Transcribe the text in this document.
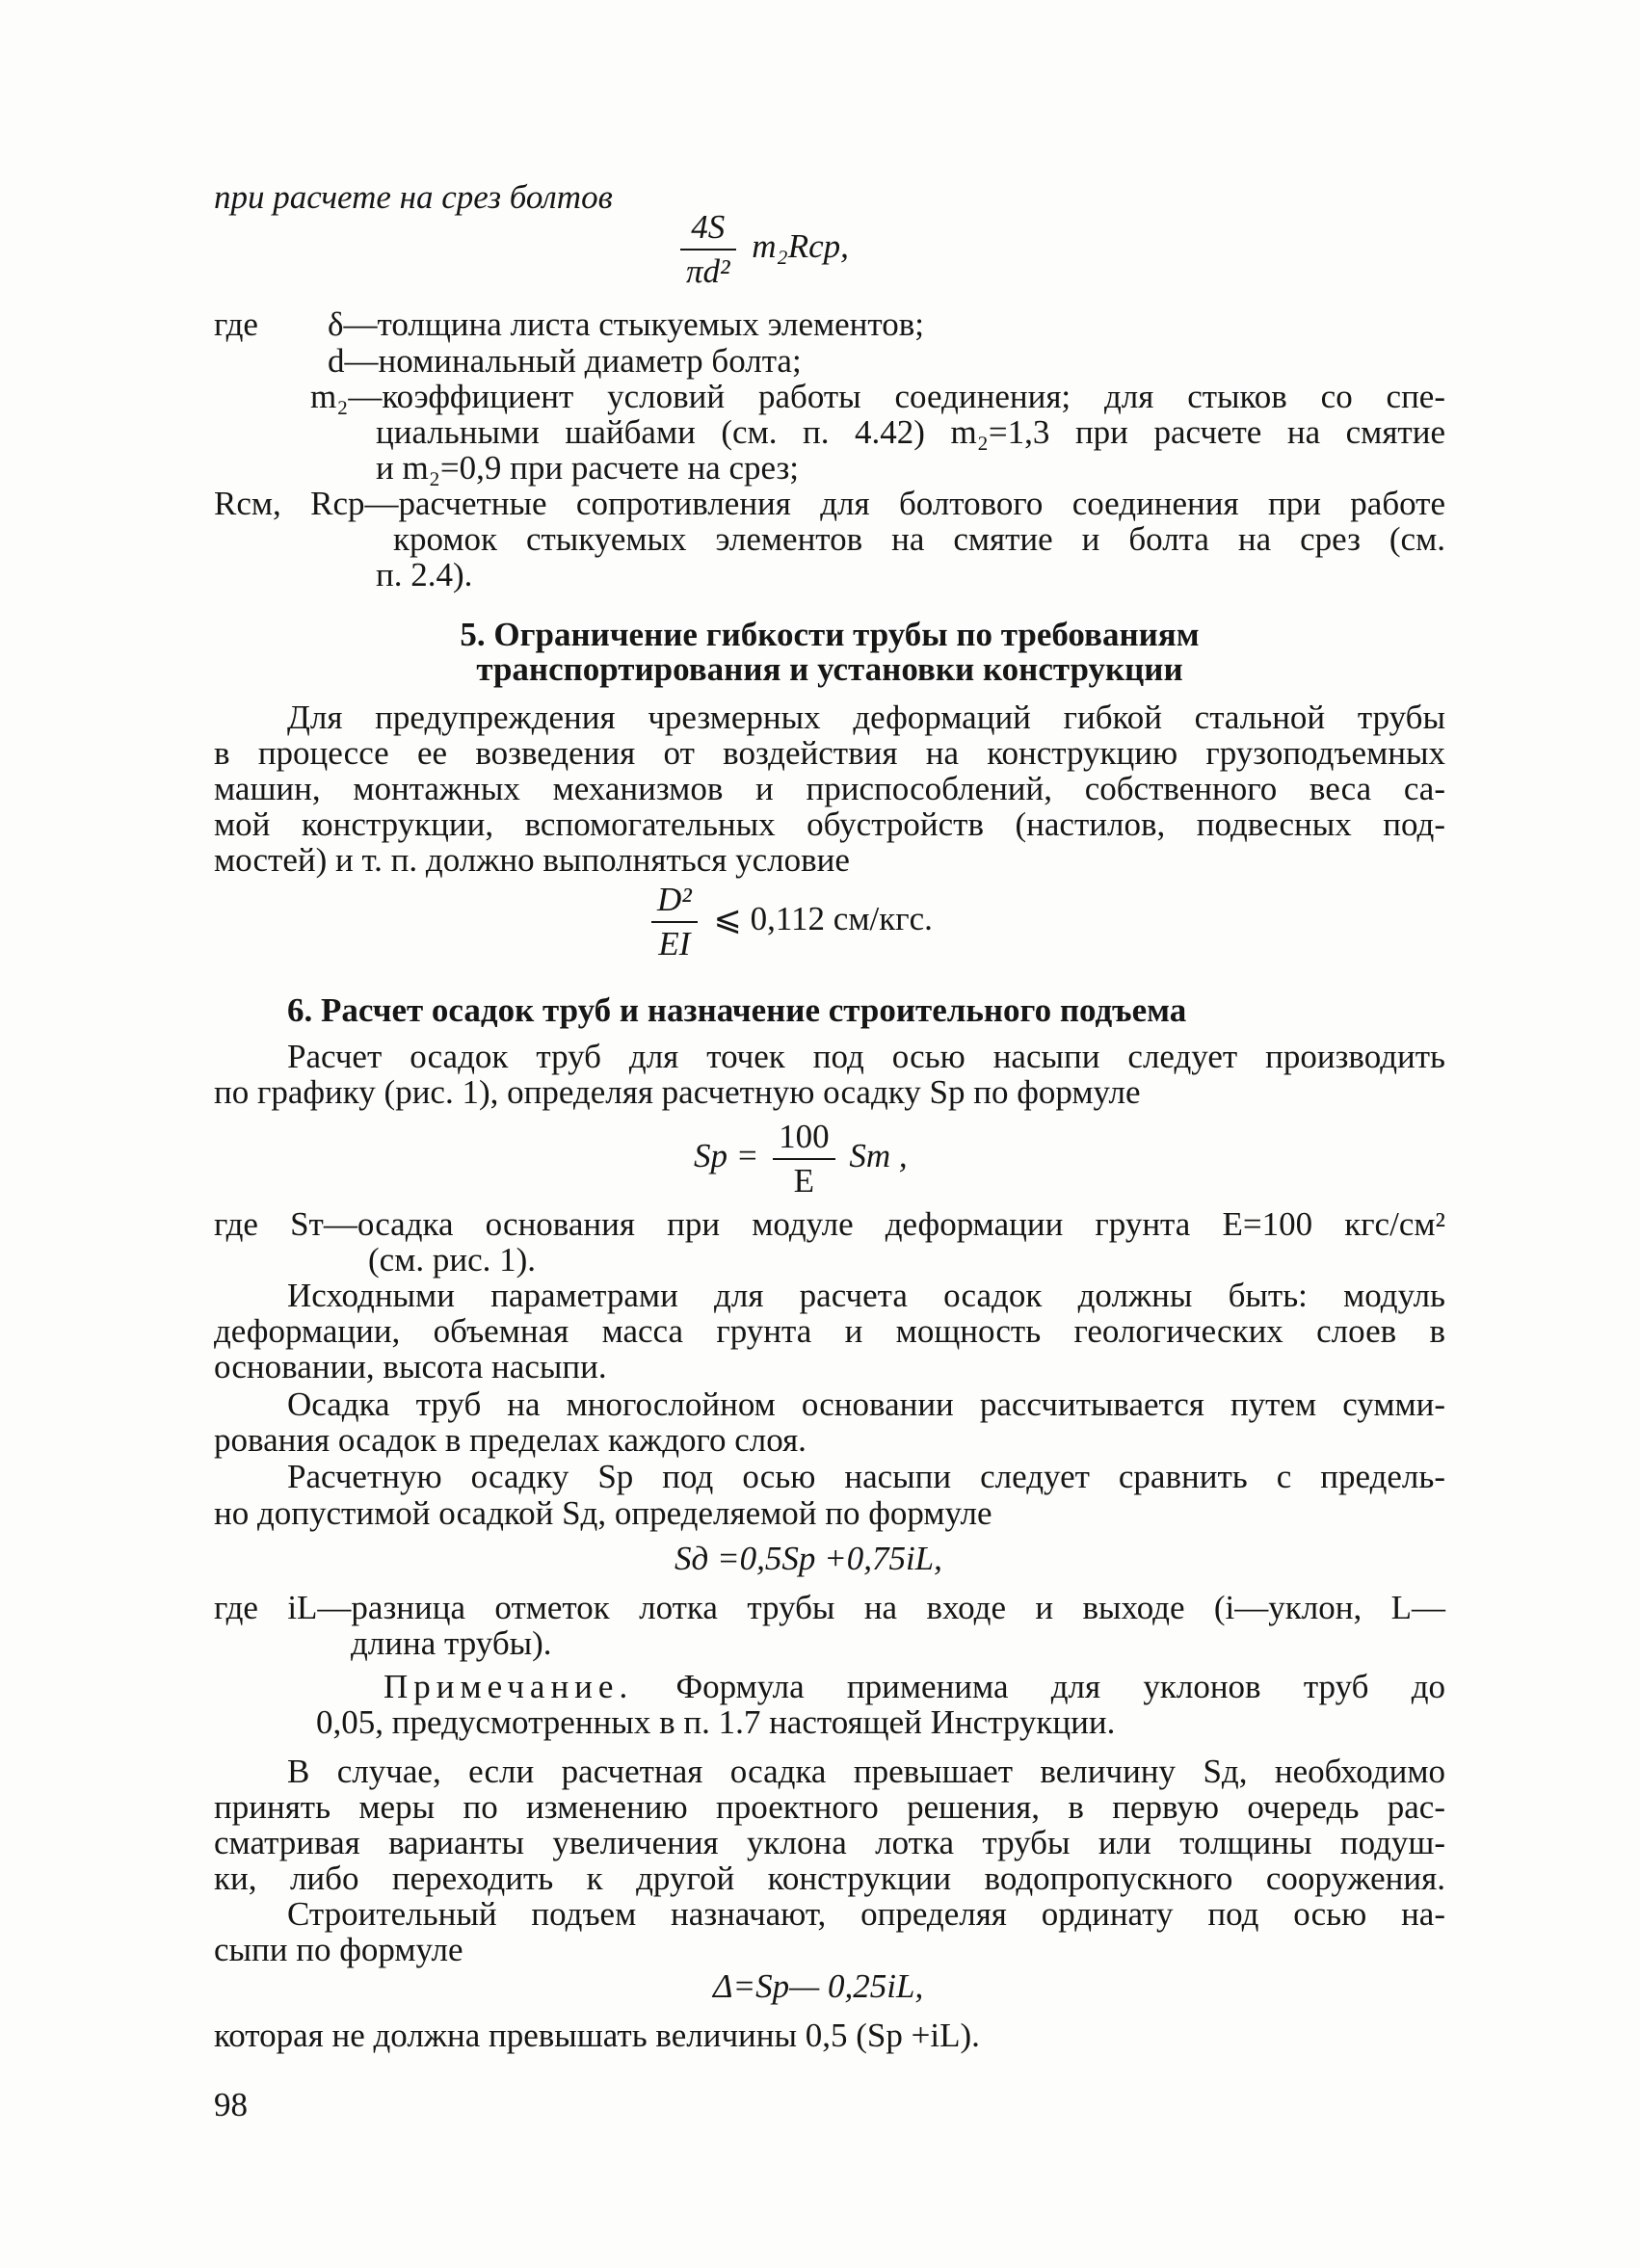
при расчете на срез болтов
$\frac{4S}{\text{πd²}} m_2Rср$,
где δ—толщина листа стыкуемых элементов;
d—номинальный диаметр болта;
m₂—коэффициент условий работы соединения; для стыков со спе-
циальными шайбами (см. п. 4.42) m₂=1,3 при расчете на смятие
и m₂=0,9 при расчете на срез;
Rсм, Rср—расчетные сопротивления для болтового соединения при работе
кромок стыкуемых элементов на смятие и болта на срез (см.
п. 2.4).
5. Ограничение гибкости трубы по требованиям
транспортирования и установки конструкции
Для предупреждения чрезмерных деформаций гибкой стальной трубы
в процессе ее возведения от воздействия на конструкцию грузоподъемных
машин, монтажных механизмов и приспособлений, собственного веса са-
мой конструкции, вспомогательных обустройств (настилов, подвесных под-
мостей) и т. п. должно выполняться условие
$\frac{\text{D²}}{EI}$ ⩽ 0,112 см/кгс.
6. Расчет осадок труб и назначение строительного подъема
Расчет осадок труб для точек под осью насыпи следует производить
по графику (рис. 1), определяя расчетную осадку Sр по формуле
Sр = $\frac{100}{E}$ Sт ,
где Sт—осадка основания при модуле деформации грунта E=100 кгс/см²
(см. рис. 1).
Исходными параметрами для расчета осадок должны быть: модуль
деформации, объемная масса грунта и мощность геологических слоев в
основании, высота насыпи.
Осадка труб на многослойном основании рассчитывается путем сумми-
рования осадок в пределах каждого слоя.
Расчетную осадку Sр под осью насыпи следует сравнить с предель-
но допустимой осадкой Sд, определяемой по формуле
Sд =0,5Sр +0,75iL,
где iL—разница отметок лотка трубы на входе и выходе (i—уклон, L—
длина трубы).
Примечание. Формула применима для уклонов труб до
0,05, предусмотренных в п. 1.7 настоящей Инструкции.
В случае, если расчетная осадка превышает величину Sд, необходимо
принять меры по изменению проектного решения, в первую очередь рас-
сматривая варианты увеличения уклона лотка трубы или толщины подуш-
ки, либо переходить к другой конструкции водопропускного сооружения.
Строительный подъем назначают, определяя ординату под осью на-
сыпи по формуле
Δ=Sр— 0,25iL,
которая не должна превышать величины 0,5 (Sр +iL).
98
